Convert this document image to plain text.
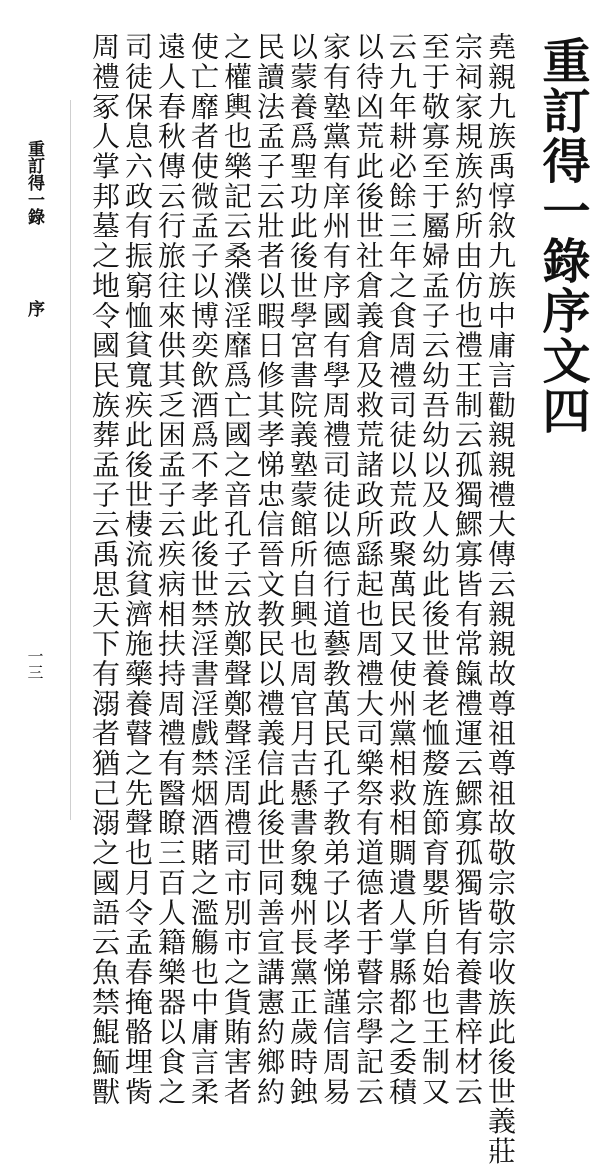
重訂得一錄序文四
堯親九族禹惇敘九族中庸言勸親親禮大傳云親親故尊祖尊祖故敬宗敬宗收族此後世義莊
宗祠家規族約所由仿也禮王制云孤獨鰥寡皆有常餼禮運云鰥寡孤獨皆有養書梓材云
至于敬寡至于屬婦孟子云幼吾幼以及人幼此後世養老恤嫠旌節育嬰所自始也王制又
云九年耕必餘三年之食周禮司徒以荒政聚萬民又使州黨相救相賙遺人掌縣都之委積
以待凶荒此後世社倉義倉及救荒諸政所繇起也周禮大司樂祭有道德者于瞽宗學記云
家有塾黨有庠州有序國有學周禮司徒以德行道藝教萬民孔子教弟子以孝悌謹信周易
以蒙養爲聖功此後世學宮書院義塾蒙館所自興也周官月吉懸書象魏州長黨正歲時鉵
民讀法孟子云壯者以暇日修其孝悌忠信晉文教民以禮義信此後世同善宣講憲約鄉約
之權輿也樂記云桑濮淫靡爲亡國之音孔子云放鄭聲鄭聲淫周禮司市別市之貨賄害者
使亡靡者使微孟子以博奕飲酒爲不孝此後世禁淫書淫戲禁烟酒賭之濫觴也中庸言柔
遠人春秋傳云行旅往來供其乏困孟子云疾病相扶持周禮有醫瞭三百人籍樂器以食之
司徒保息六政有振窮恤貧寬疾此後世棲流貧濟施藥養瞽之先聲也月令孟春掩骼埋胔
周禮冢人掌邦墓之地令國民族葬孟子云禹思天下有溺者猶己溺之國語云魚禁鯤鮞獸
重訂得一錄
序
一三
